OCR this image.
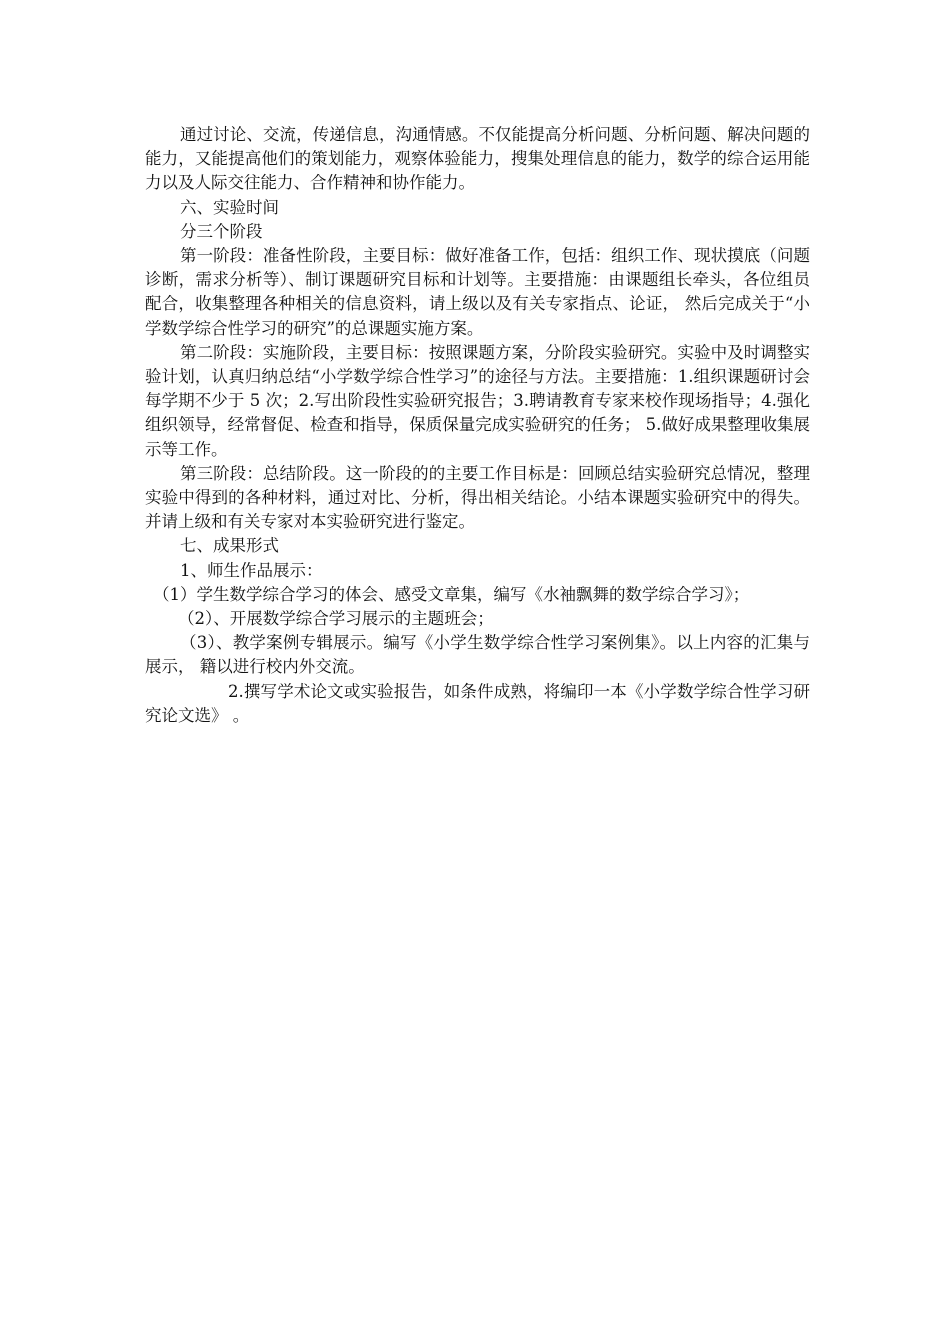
通过讨论、交流，传递信息，沟通情感。不仅能提高分析问题、分析问题、解决问题的能力，又能提高他们的策划能力，观察体验能力，搜集处理信息的能力，数学的综合运用能力以及人际交往能力、合作精神和协作能力。

六、实验时间

分三个阶段

第一阶段：准备性阶段，主要目标：做好准备工作，包括：组织工作、现状摸底（问题诊断，需求分析等）、制订课题研究目标和计划等。主要措施：由课题组长牵头，各位组员配合，收集整理各种相关的信息资料，请上级以及有关专家指点、论证， 然后完成关于“小学数学综合性学习的研究”的总课题实施方案。

第二阶段：实施阶段，主要目标：按照课题方案，分阶段实验研究。实验中及时调整实验计划，认真归纳总结“小学数学综合性学习”的途径与方法。主要措施：1.组织课题研讨会每学期不少于 5 次；2.写出阶段性实验研究报告；3.聘请教育专家来校作现场指导；4.强化组织领导，经常督促、检查和指导，保质保量完成实验研究的任务； 5.做好成果整理收集展示等工作。

第三阶段：总结阶段。这一阶段的的主要工作目标是：回顾总结实验研究总情况，整理实验中得到的各种材料，通过对比、分析，得出相关结论。小结本课题实验研究中的得失。并请上级和有关专家对本实验研究进行鉴定。

七、成果形式

1、师生作品展示：

（1）学生数学综合学习的体会、感受文章集，编写《水袖飘舞的数学综合学习》；

（2）、开展数学综合学习展示的主题班会；

（3）、教学案例专辑展示。编写《小学生数学综合性学习案例集》。以上内容的汇集与展示， 籍以进行校内外交流。

2.撰写学术论文或实验报告，如条件成熟，将编印一本《小学数学综合性学习研究论文选》 。
